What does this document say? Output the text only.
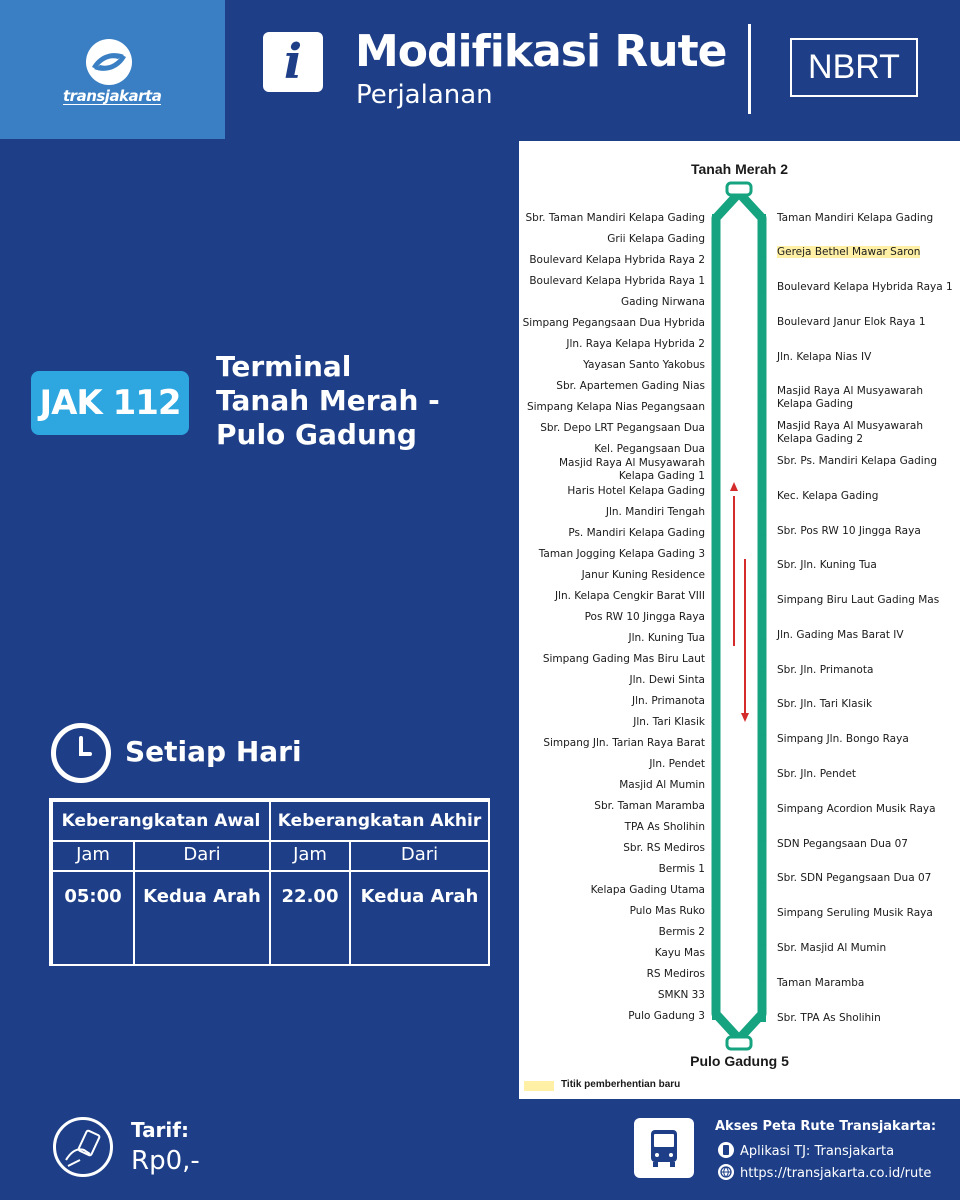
transjakarta
i	Modifikasi Rute
Perjalanan
NBRT
JAK 112
Terminal
Tanah Merah -
Pulo Gadung
Setiap Hari
Keberangkatan Awal	Keberangkatan Akhir
Jam	Dari	Jam	Dari
05:00	Kedua Arah	22.00	Kedua Arah
Tarif:
Rp0,-
Akses Peta Rute Transjakarta:
Aplikasi TJ: Transjakarta
https://transjakarta.co.id/rute
Tanah Merah 2
Pulo Gadung 5
Titik pemberhentian baru
Sbr. Taman Mandiri Kelapa Gading
Grii Kelapa Gading
Boulevard Kelapa Hybrida Raya 2
Boulevard Kelapa Hybrida Raya 1
Gading Nirwana
Simpang Pegangsaan Dua Hybrida
Jln. Raya Kelapa Hybrida 2
Yayasan Santo Yakobus
Sbr. Apartemen Gading Nias
Simpang Kelapa Nias Pegangsaan
Sbr. Depo LRT Pegangsaan Dua
Kel. Pegangsaan Dua
Masjid Raya Al Musyawarah
Kelapa Gading 1
Haris Hotel Kelapa Gading
Jln. Mandiri Tengah
Ps. Mandiri Kelapa Gading
Taman Jogging Kelapa Gading 3
Janur Kuning Residence
Jln. Kelapa Cengkir Barat VIII
Pos RW 10 Jingga Raya
Jln. Kuning Tua
Simpang Gading Mas Biru Laut
Jln. Dewi Sinta
Jln. Primanota
Jln. Tari Klasik
Simpang Jln. Tarian Raya Barat
Jln. Pendet
Masjid Al Mumin
Sbr. Taman Maramba
TPA As Sholihin
Sbr. RS Mediros
Bermis 1
Kelapa Gading Utama
Pulo Mas Ruko
Bermis 2
Kayu Mas
RS Mediros
SMKN 33
Pulo Gadung 3
Taman Mandiri Kelapa Gading
Gereja Bethel Mawar Saron
Boulevard Kelapa Hybrida Raya 1
Boulevard Janur Elok Raya 1
Jln. Kelapa Nias IV
Masjid Raya Al Musyawarah
Kelapa Gading
Masjid Raya Al Musyawarah
Kelapa Gading 2
Sbr. Ps. Mandiri Kelapa Gading
Kec. Kelapa Gading
Sbr. Pos RW 10 Jingga Raya
Sbr. Jln. Kuning Tua
Simpang Biru Laut Gading Mas
Jln. Gading Mas Barat IV
Sbr. Jln. Primanota
Sbr. Jln. Tari Klasik
Simpang Jln. Bongo Raya
Sbr. Jln. Pendet
Simpang Acordion Musik Raya
SDN Pegangsaan Dua 07
Sbr. SDN Pegangsaan Dua 07
Simpang Seruling Musik Raya
Sbr. Masjid Al Mumin
Taman Maramba
Sbr. TPA As Sholihin
